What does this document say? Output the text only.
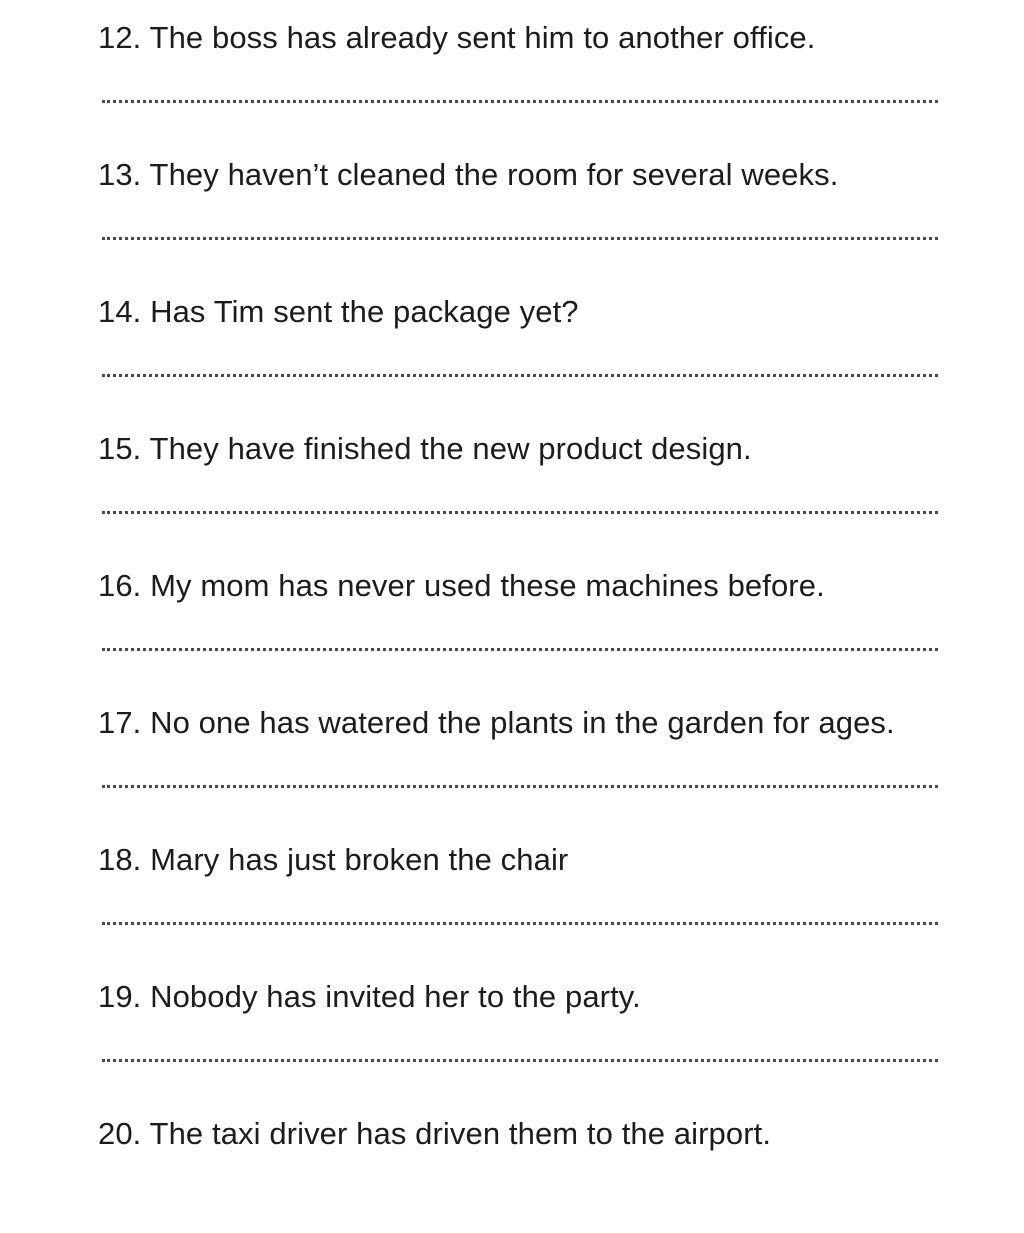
12. The boss has already sent him to another office.
13. They haven’t cleaned the room for several weeks.
14. Has Tim sent the package yet?
15. They have finished the new product design.
16. My mom has never used these machines before.
17. No one has watered the plants in the garden for ages.
18. Mary has just broken the chair
19. Nobody has invited her to the party.
20. The taxi driver has driven them to the airport.
